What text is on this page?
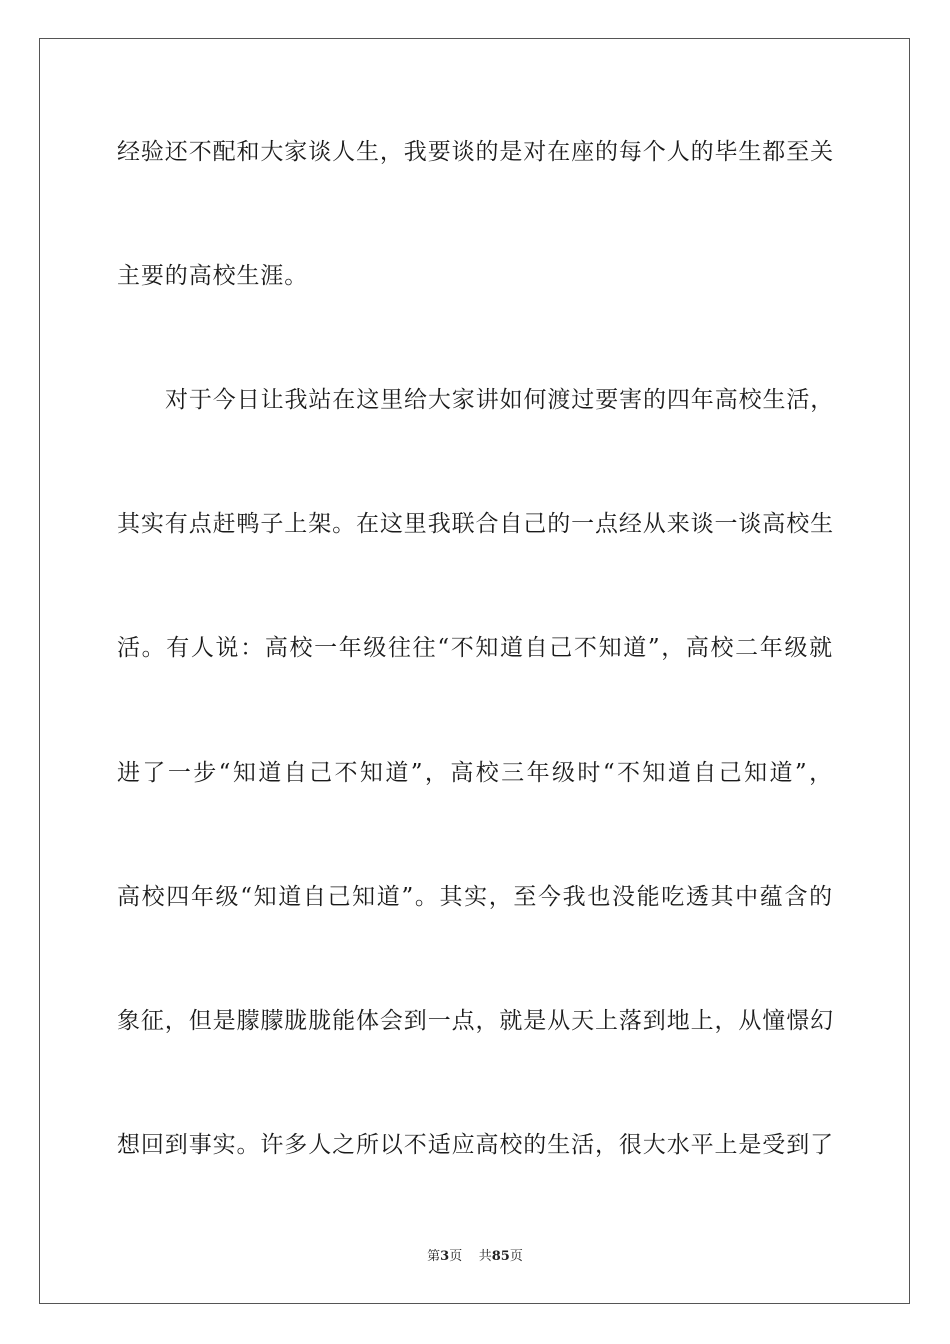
经验还不配和大家谈人生，我要谈的是对在座的每个人的毕生都至关
主要的高校生涯。
对于今日让我站在这里给大家讲如何渡过要害的四年高校生活，
其实有点赶鸭子上架。在这里我联合自己的一点经从来谈一谈高校生
活。有人说：高校一年级往往“不知道自己不知道”，高校二年级就
进了一步“知道自己不知道”，高校三年级时“不知道自己知道”，
高校四年级“知道自己知道”。其实，至今我也没能吃透其中蕴含的
象征，但是朦朦胧胧能体会到一点，就是从天上落到地上，从憧憬幻
想回到事实。许多人之所以不适应高校的生活，很大水平上是受到了
第3页 共85页
